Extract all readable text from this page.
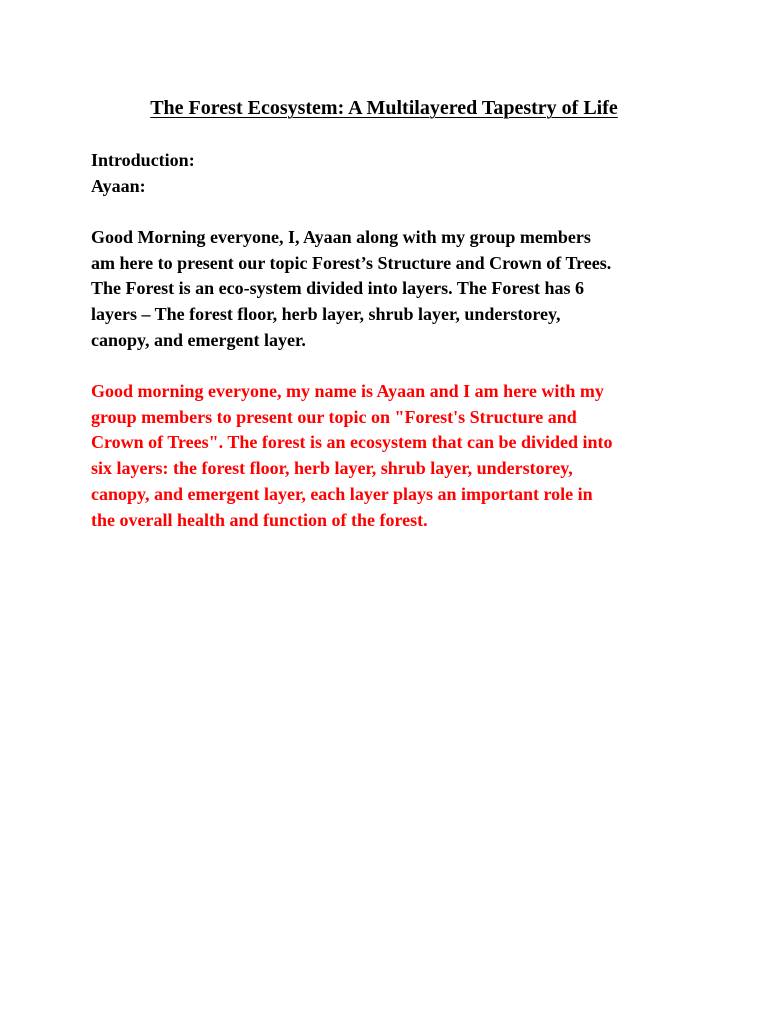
The Forest Ecosystem: A Multilayered Tapestry of Life

Introduction:

Ayaan:

Good Morning everyone, I, Ayaan along with my group members
am here to present our topic Forest’s Structure and Crown of Trees.
The Forest is an eco-system divided into layers. The Forest has 6
layers – The forest floor, herb layer, shrub layer, understorey,
canopy, and emergent layer.

Good morning everyone, my name is Ayaan and I am here with my
group members to present our topic on "Forest's Structure and
Crown of Trees". The forest is an ecosystem that can be divided into
six layers: the forest floor, herb layer, shrub layer, understorey,
canopy, and emergent layer, each layer plays an important role in
the overall health and function of the forest.
